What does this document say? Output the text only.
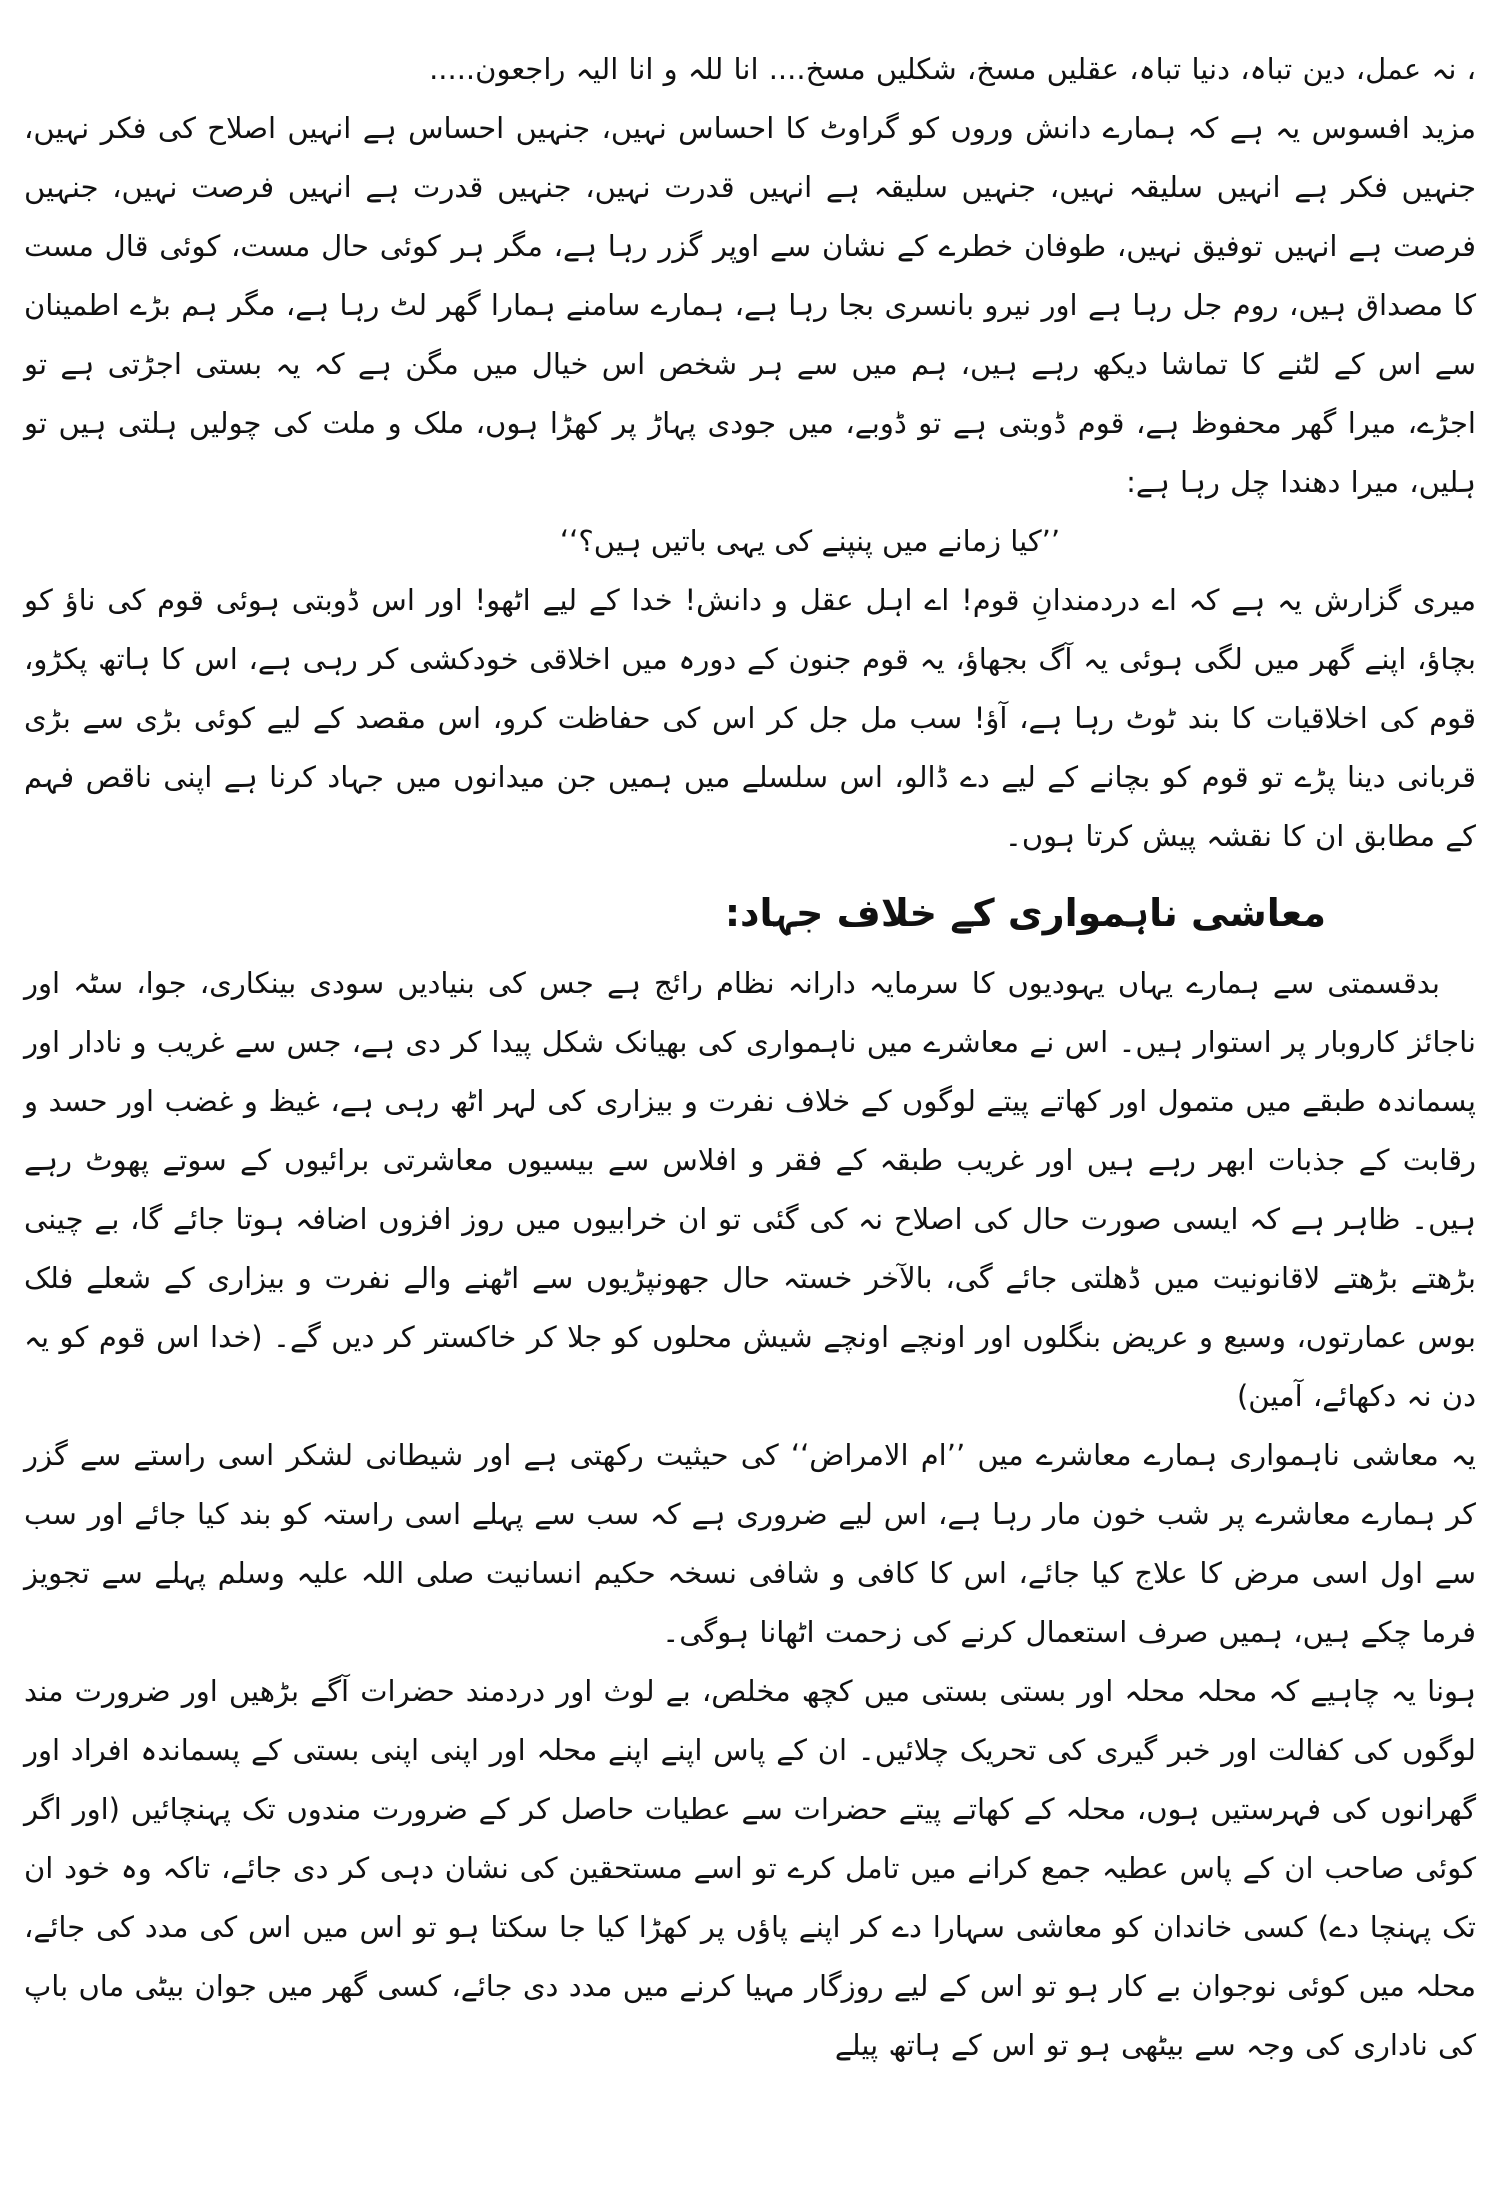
، نہ عمل، دین تباہ، دنیا تباہ، عقلیں مسخ، شکلیں مسخ.... انا للہ و انا الیہ راجعون.....

مزید افسوس یہ ہے کہ ہمارے دانش وروں کو گراوٹ کا احساس نہیں، جنہیں احساس ہے انہیں اصلاح کی فکر نہیں، جنہیں فکر ہے انہیں سلیقہ نہیں، جنہیں سلیقہ ہے انہیں قدرت نہیں، جنہیں قدرت ہے انہیں فرصت نہیں، جنہیں فرصت ہے انہیں توفیق نہیں، طوفان خطرے کے نشان سے اوپر گزر رہا ہے، مگر ہر کوئی حال مست، کوئی قال مست کا مصداق ہیں، روم جل رہا ہے اور نیرو بانسری بجا رہا ہے، ہمارے سامنے ہمارا گھر لٹ رہا ہے، مگر ہم بڑے اطمینان سے اس کے لٹنے کا تماشا دیکھ رہے ہیں، ہم میں سے ہر شخص اس خیال میں مگن ہے کہ یہ بستی اجڑتی ہے تو اجڑے، میرا گھر محفوظ ہے، قوم ڈوبتی ہے تو ڈوبے، میں جودی پہاڑ پر کھڑا ہوں، ملک و ملت کی چولیں ہلتی ہیں تو ہلیں، میرا دھندا چل رہا ہے:

’’کیا زمانے میں پنپنے کی یہی باتیں ہیں؟‘‘

میری گزارش یہ ہے کہ اے دردمندانِ قوم! اے اہل عقل و دانش! خدا کے لیے اٹھو! اور اس ڈوبتی ہوئی قوم کی ناؤ کو بچاؤ، اپنے گھر میں لگی ہوئی یہ آگ بجھاؤ، یہ قوم جنون کے دورہ میں اخلاقی خودکشی کر رہی ہے، اس کا ہاتھ پکڑو، قوم کی اخلاقیات کا بند ٹوٹ رہا ہے، آؤ! سب مل جل کر اس کی حفاظت کرو، اس مقصد کے لیے کوئی بڑی سے بڑی قربانی دینا پڑے تو قوم کو بچانے کے لیے دے ڈالو، اس سلسلے میں ہمیں جن میدانوں میں جہاد کرنا ہے اپنی ناقص فہم کے مطابق ان کا نقشہ پیش کرتا ہوں۔

معاشی ناہمواری کے خلاف جہاد:

بدقسمتی سے ہمارے یہاں یہودیوں کا سرمایہ دارانہ نظام رائج ہے جس کی بنیادیں سودی بینکاری، جوا، سٹہ اور ناجائز کاروبار پر استوار ہیں۔ اس نے معاشرے میں ناہمواری کی بھیانک شکل پیدا کر دی ہے، جس سے غریب و نادار اور پسماندہ طبقے میں متمول اور کھاتے پیتے لوگوں کے خلاف نفرت و بیزاری کی لہر اٹھ رہی ہے، غیظ و غضب اور حسد و رقابت کے جذبات ابھر رہے ہیں اور غریب طبقہ کے فقر و افلاس سے بیسیوں معاشرتی برائیوں کے سوتے پھوٹ رہے ہیں۔ ظاہر ہے کہ ایسی صورت حال کی اصلاح نہ کی گئی تو ان خرابیوں میں روز افزوں اضافہ ہوتا جائے گا، بے چینی بڑھتے بڑھتے لاقانونیت میں ڈھلتی جائے گی، بالآخر خستہ حال جھونپڑیوں سے اٹھنے والے نفرت و بیزاری کے شعلے فلک بوس عمارتوں، وسیع و عریض بنگلوں اور اونچے اونچے شیش محلوں کو جلا کر خاکستر کر دیں گے۔ (خدا اس قوم کو یہ دن نہ دکھائے، آمین)

یہ معاشی ناہمواری ہمارے معاشرے میں ’’ام الامراض‘‘ کی حیثیت رکھتی ہے اور شیطانی لشکر اسی راستے سے گزر کر ہمارے معاشرے پر شب خون مار رہا ہے، اس لیے ضروری ہے کہ سب سے پہلے اسی راستہ کو بند کیا جائے اور سب سے اول اسی مرض کا علاج کیا جائے، اس کا کافی و شافی نسخہ حکیم انسانیت صلی اللہ علیہ وسلم پہلے سے تجویز فرما چکے ہیں، ہمیں صرف استعمال کرنے کی زحمت اٹھانا ہوگی۔

ہونا یہ چاہیے کہ محلہ محلہ اور بستی بستی میں کچھ مخلص، بے لوث اور دردمند حضرات آگے بڑھیں اور ضرورت مند لوگوں کی کفالت اور خبر گیری کی تحریک چلائیں۔ ان کے پاس اپنے اپنے محلہ اور اپنی اپنی بستی کے پسماندہ افراد اور گھرانوں کی فہرستیں ہوں، محلہ کے کھاتے پیتے حضرات سے عطیات حاصل کر کے ضرورت مندوں تک پہنچائیں (اور اگر کوئی صاحب ان کے پاس عطیہ جمع کرانے میں تامل کرے تو اسے مستحقین کی نشان دہی کر دی جائے، تاکہ وہ خود ان تک پہنچا دے) کسی خاندان کو معاشی سہارا دے کر اپنے پاؤں پر کھڑا کیا جا سکتا ہو تو اس میں اس کی مدد کی جائے، محلہ میں کوئی نوجوان بے کار ہو تو اس کے لیے روزگار مہیا کرنے میں مدد دی جائے، کسی گھر میں جوان بیٹی ماں باپ کی ناداری کی وجہ سے بیٹھی ہو تو اس کے ہاتھ پیلے
